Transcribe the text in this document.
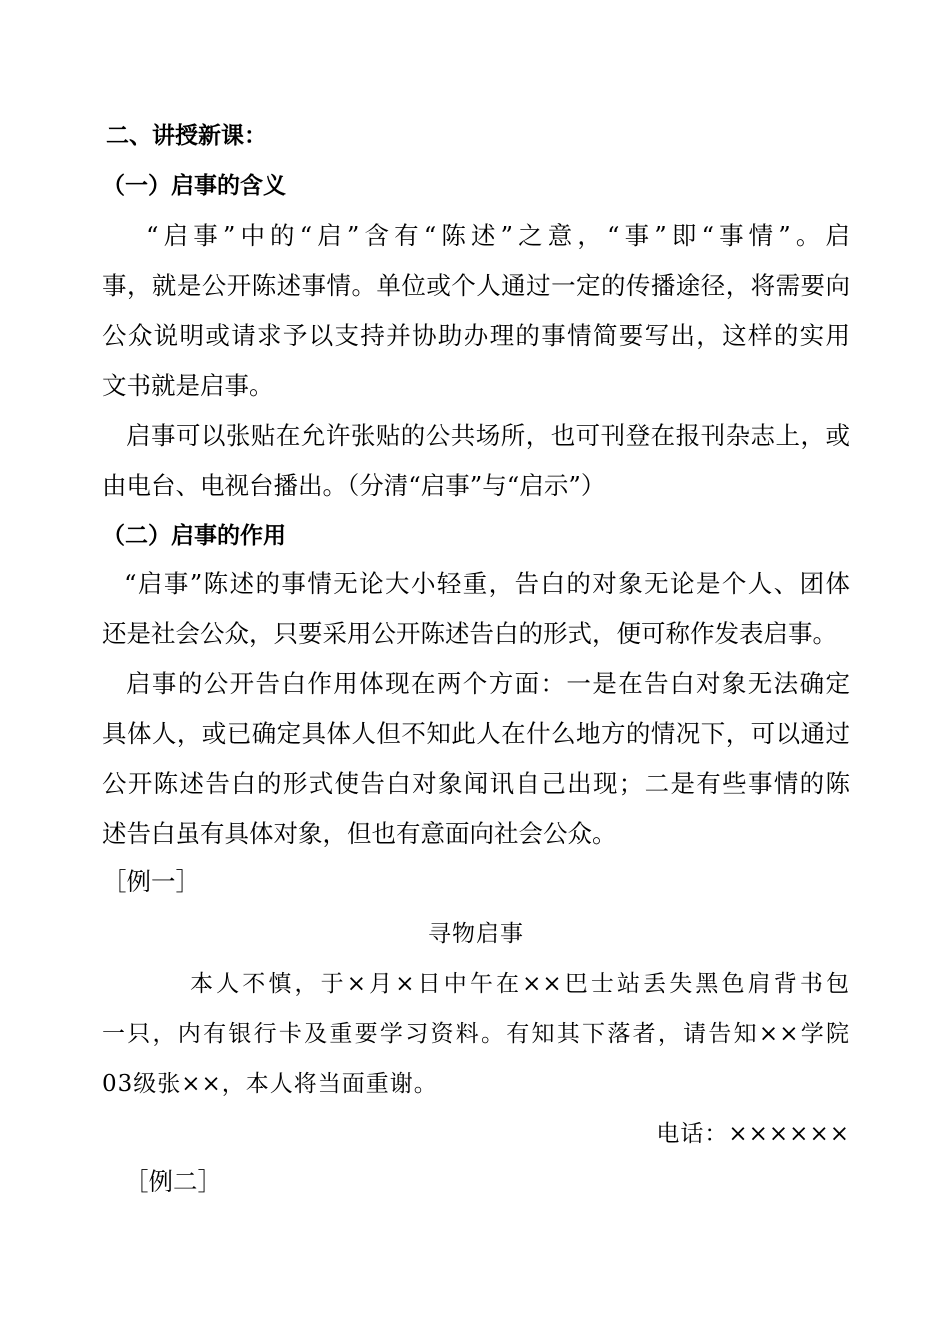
二、讲授新课：
（一）启事的含义
“启事”中的“启”含有“陈述”之意，“事”即“事情”。启
事，就是公开陈述事情。单位或个人通过一定的传播途径，将需要向
公众说明或请求予以支持并协助办理的事情简要写出，这样的实用
文书就是启事。
启事可以张贴在允许张贴的公共场所，也可刊登在报刊杂志上，或
由电台、电视台播出。（分清“启事”与“启示”）
（二）启事的作用
“启事”陈述的事情无论大小轻重，告白的对象无论是个人、团体
还是社会公众，只要采用公开陈述告白的形式，便可称作发表启事。
启事的公开告白作用体现在两个方面：一是在告白对象无法确定
具体人，或已确定具体人但不知此人在什么地方的情况下，可以通过
公开陈述告白的形式使告白对象闻讯自己出现；二是有些事情的陈
述告白虽有具体对象，但也有意面向社会公众。
［例一］
寻物启事
本人不慎，于×月×日中午在××巴士站丢失黑色肩背书包
一只，内有银行卡及重要学习资料。有知其下落者，请告知××学院
03级张××，本人将当面重谢。
电话：××××××
［例二］
